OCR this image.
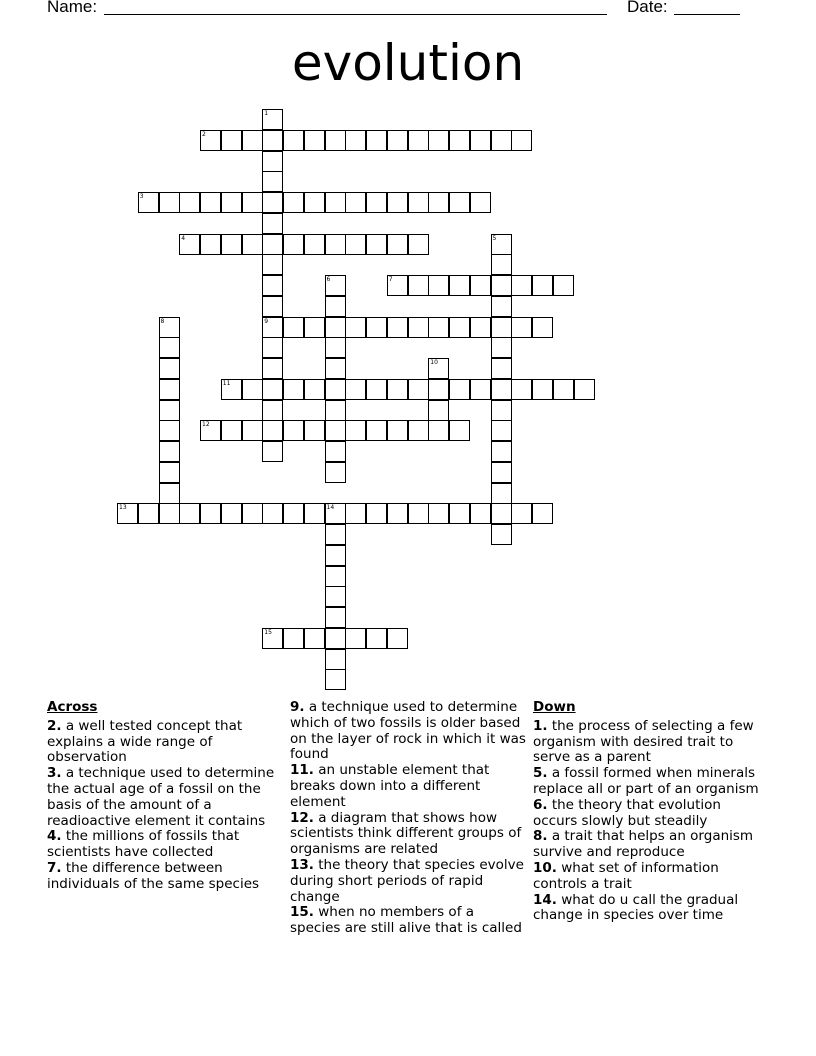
Name:	Date:
evolution
1
9
2
3
4	5
6	7
8
10
11
12
13	14
15
Across
2. a well tested concept that explains a wide range of observation
3. a technique used to determine the actual age of a fossil on the basis of the amount of a readioactive element it contains
4. the millions of fossils that scientists have collected
7. the difference between individuals of the same species
9. a technique used to determine which of two fossils is older based on the layer of rock in which it was found
11. an unstable element that breaks down into a different element
12. a diagram that shows how scientists think different groups of organisms are related
13. the theory that species evolve during short periods of rapid change
15. when no members of a species are still alive that is called
Down
1. the process of selecting a few organism with desired trait to serve as a parent
5. a fossil formed when minerals replace all or part of an organism
6. the theory that evolution occurs slowly but steadily
8. a trait that helps an organism survive and reproduce
10. what set of information controls a trait
14. what do u call the gradual change in species over time
